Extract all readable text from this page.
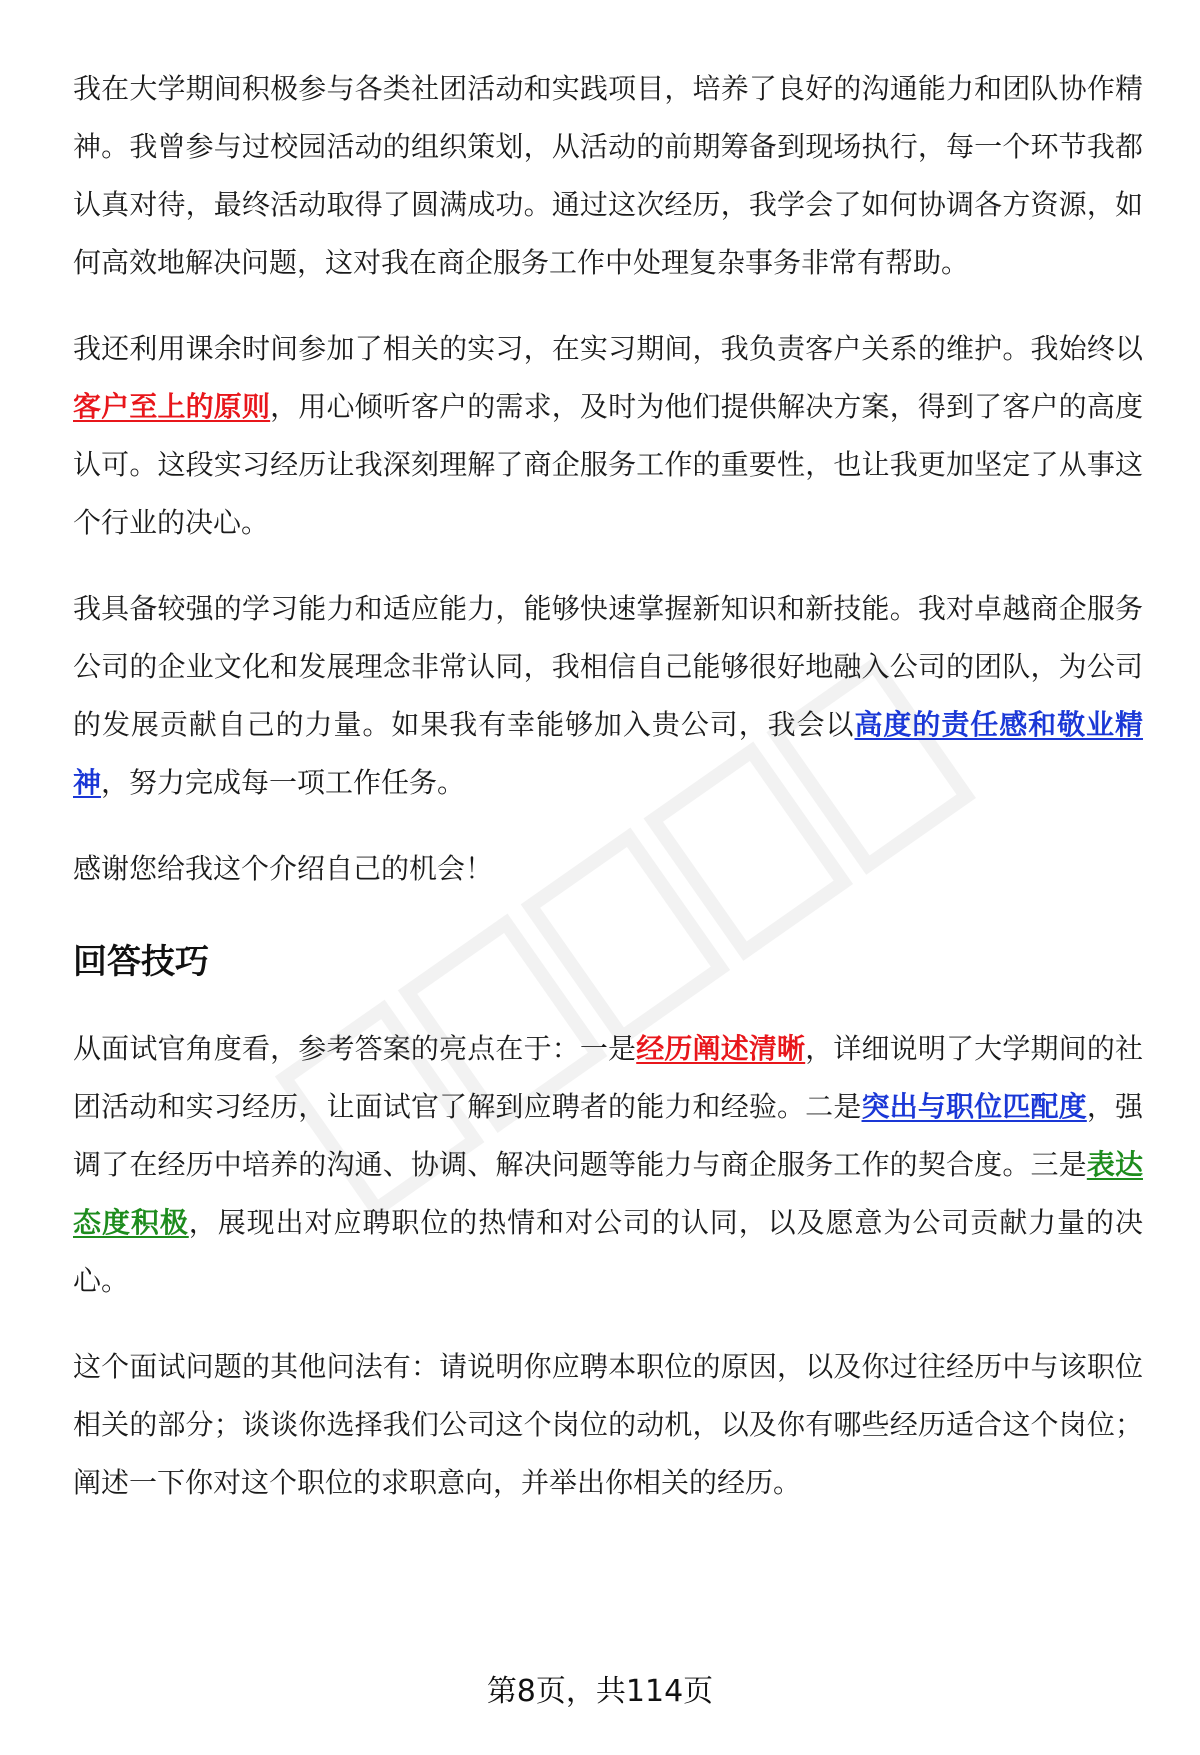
我在大学期间积极参与各类社团活动和实践项目，培养了良好的沟通能力和团队协作精神。我曾参与过校园活动的组织策划，从活动的前期筹备到现场执行，每一个环节我都认真对待，最终活动取得了圆满成功。通过这次经历，我学会了如何协调各方资源，如何高效地解决问题，这对我在商企服务工作中处理复杂事务非常有帮助。

我还利用课余时间参加了相关的实习，在实习期间，我负责客户关系的维护。我始终以客户至上的原则，用心倾听客户的需求，及时为他们提供解决方案，得到了客户的高度认可。这段实习经历让我深刻理解了商企服务工作的重要性，也让我更加坚定了从事这个行业的决心。

我具备较强的学习能力和适应能力，能够快速掌握新知识和新技能。我对卓越商企服务公司的企业文化和发展理念非常认同，我相信自己能够很好地融入公司的团队，为公司的发展贡献自己的力量。如果我有幸能够加入贵公司，我会以高度的责任感和敬业精神，努力完成每一项工作任务。

感谢您给我这个介绍自己的机会！

回答技巧

从面试官角度看，参考答案的亮点在于：一是经历阐述清晰，详细说明了大学期间的社团活动和实习经历，让面试官了解到应聘者的能力和经验。二是突出与职位匹配度，强调了在经历中培养的沟通、协调、解决问题等能力与商企服务工作的契合度。三是表达态度积极，展现出对应聘职位的热情和对公司的认同，以及愿意为公司贡献力量的决心。

这个面试问题的其他问法有：请说明你应聘本职位的原因，以及你过往经历中与该职位相关的部分；谈谈你选择我们公司这个岗位的动机，以及你有哪些经历适合这个岗位；阐述一下你对这个职位的求职意向，并举出你相关的经历。

第8页，共114页
